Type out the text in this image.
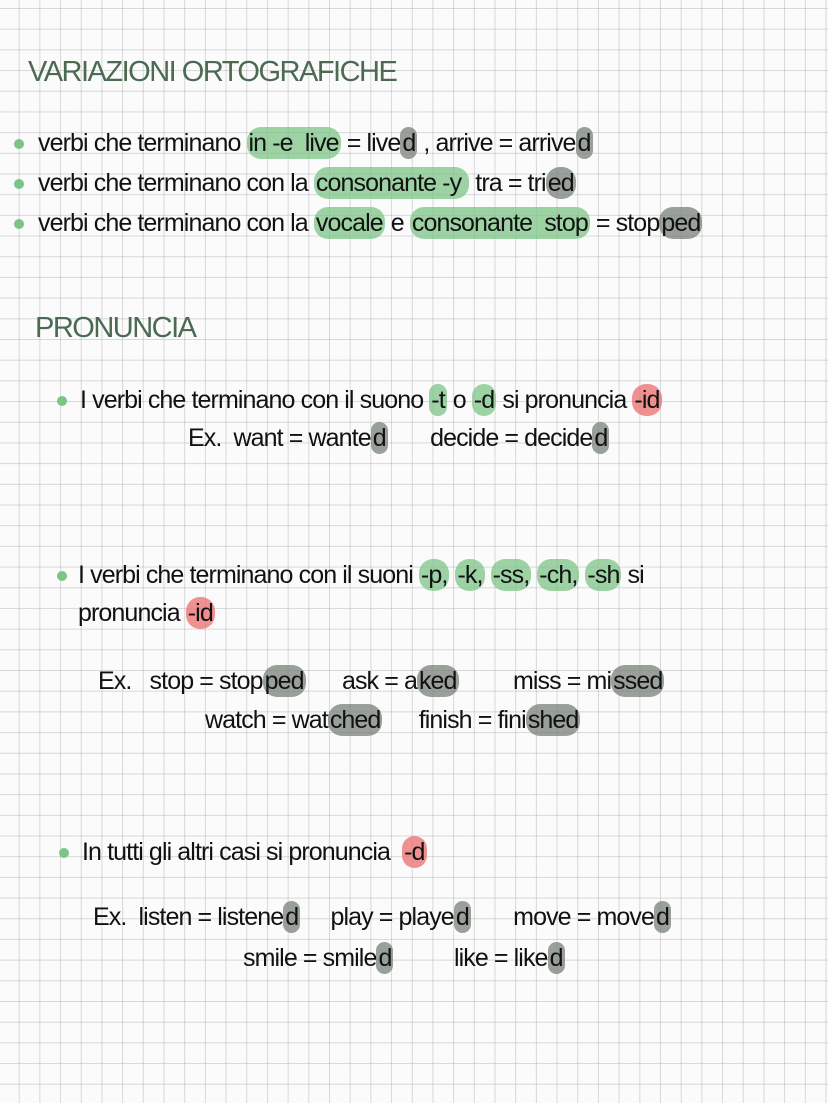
VARIAZIONI ORTOGRAFICHE
PRONUNCIA
verbi che terminano in -e  live = lived , arrive = arrived
verbi che terminano con la consonante -y  tra = tried
verbi che terminano con la vocale e consonante  stop = stopped
I verbi che terminano con il suono -t o -d si pronuncia -id
Ex.  want = wanted       decide = decided
I verbi che terminano con il suoni -p, -k, -ss, -ch, -sh si
pronuncia -id
Ex.   stop = stopped      ask = aked         miss = missed
watch = watched      finish = finished
In tutti gli altri casi si pronuncia  -d
Ex.  listen = listened     play = played       move = moved
smile = smiled          like = liked
